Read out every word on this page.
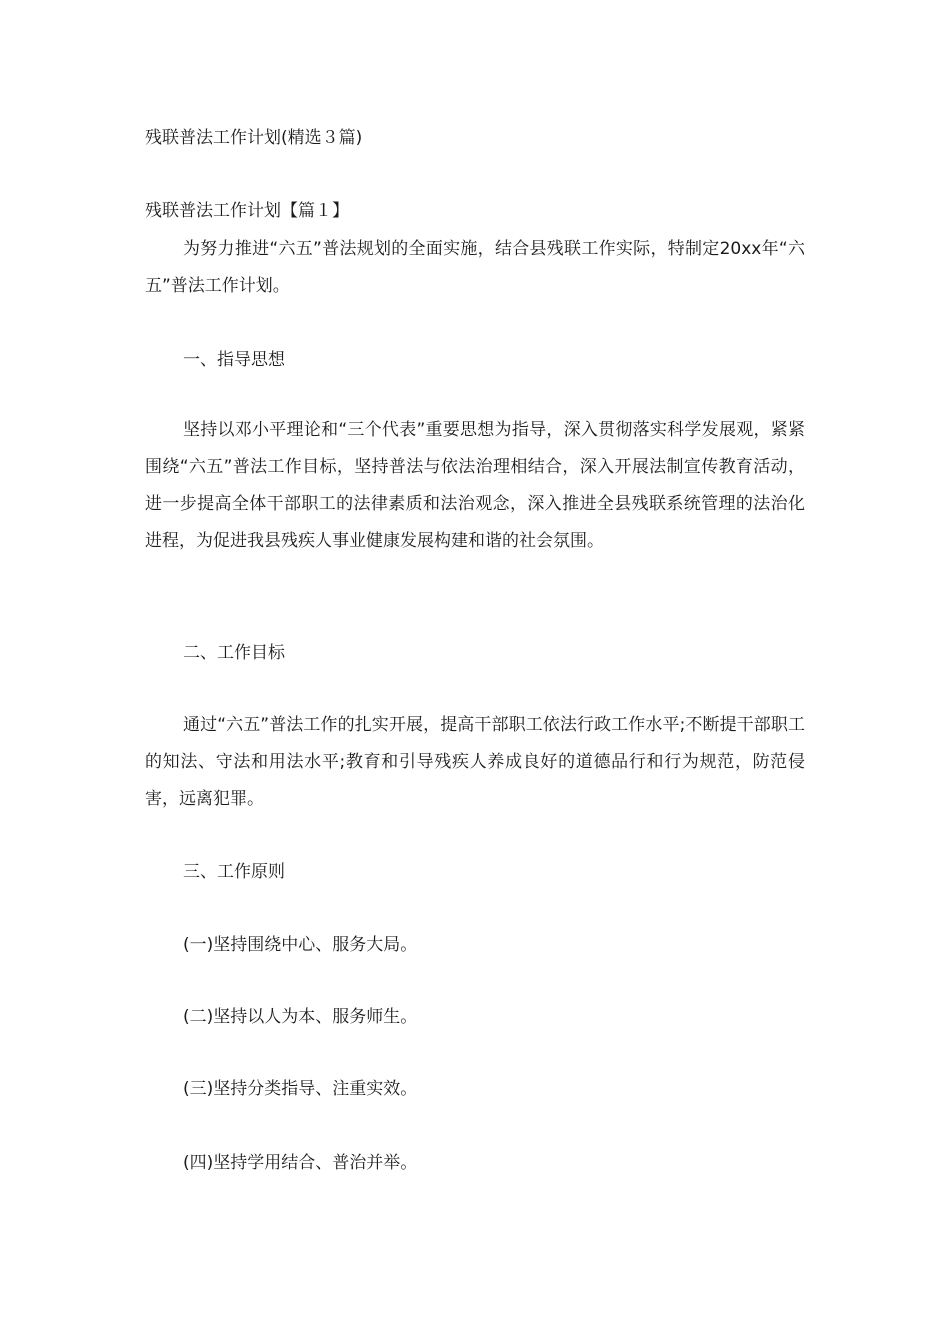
残联普法工作计划(精选３篇)
残联普法工作计划【篇１】
为努力推进“六五”普法规划的全面实施，结合县残联工作实际，特制定20xx年“六五”普法工作计划。
一、指导思想
坚持以邓小平理论和“三个代表”重要思想为指导，深入贯彻落实科学发展观，紧紧围绕“六五”普法工作目标，坚持普法与依法治理相结合，深入开展法制宣传教育活动，进一步提高全体干部职工的法律素质和法治观念，深入推进全县残联系统管理的法治化进程，为促进我县残疾人事业健康发展构建和谐的社会氛围。
二、工作目标
通过“六五”普法工作的扎实开展，提高干部职工依法行政工作水平;不断提干部职工的知法、守法和用法水平;教育和引导残疾人养成良好的道德品行和行为规范，防范侵害，远离犯罪。
三、工作原则
(一)坚持围绕中心、服务大局。
(二)坚持以人为本、服务师生。
(三)坚持分类指导、注重实效。
(四)坚持学用结合、普治并举。
